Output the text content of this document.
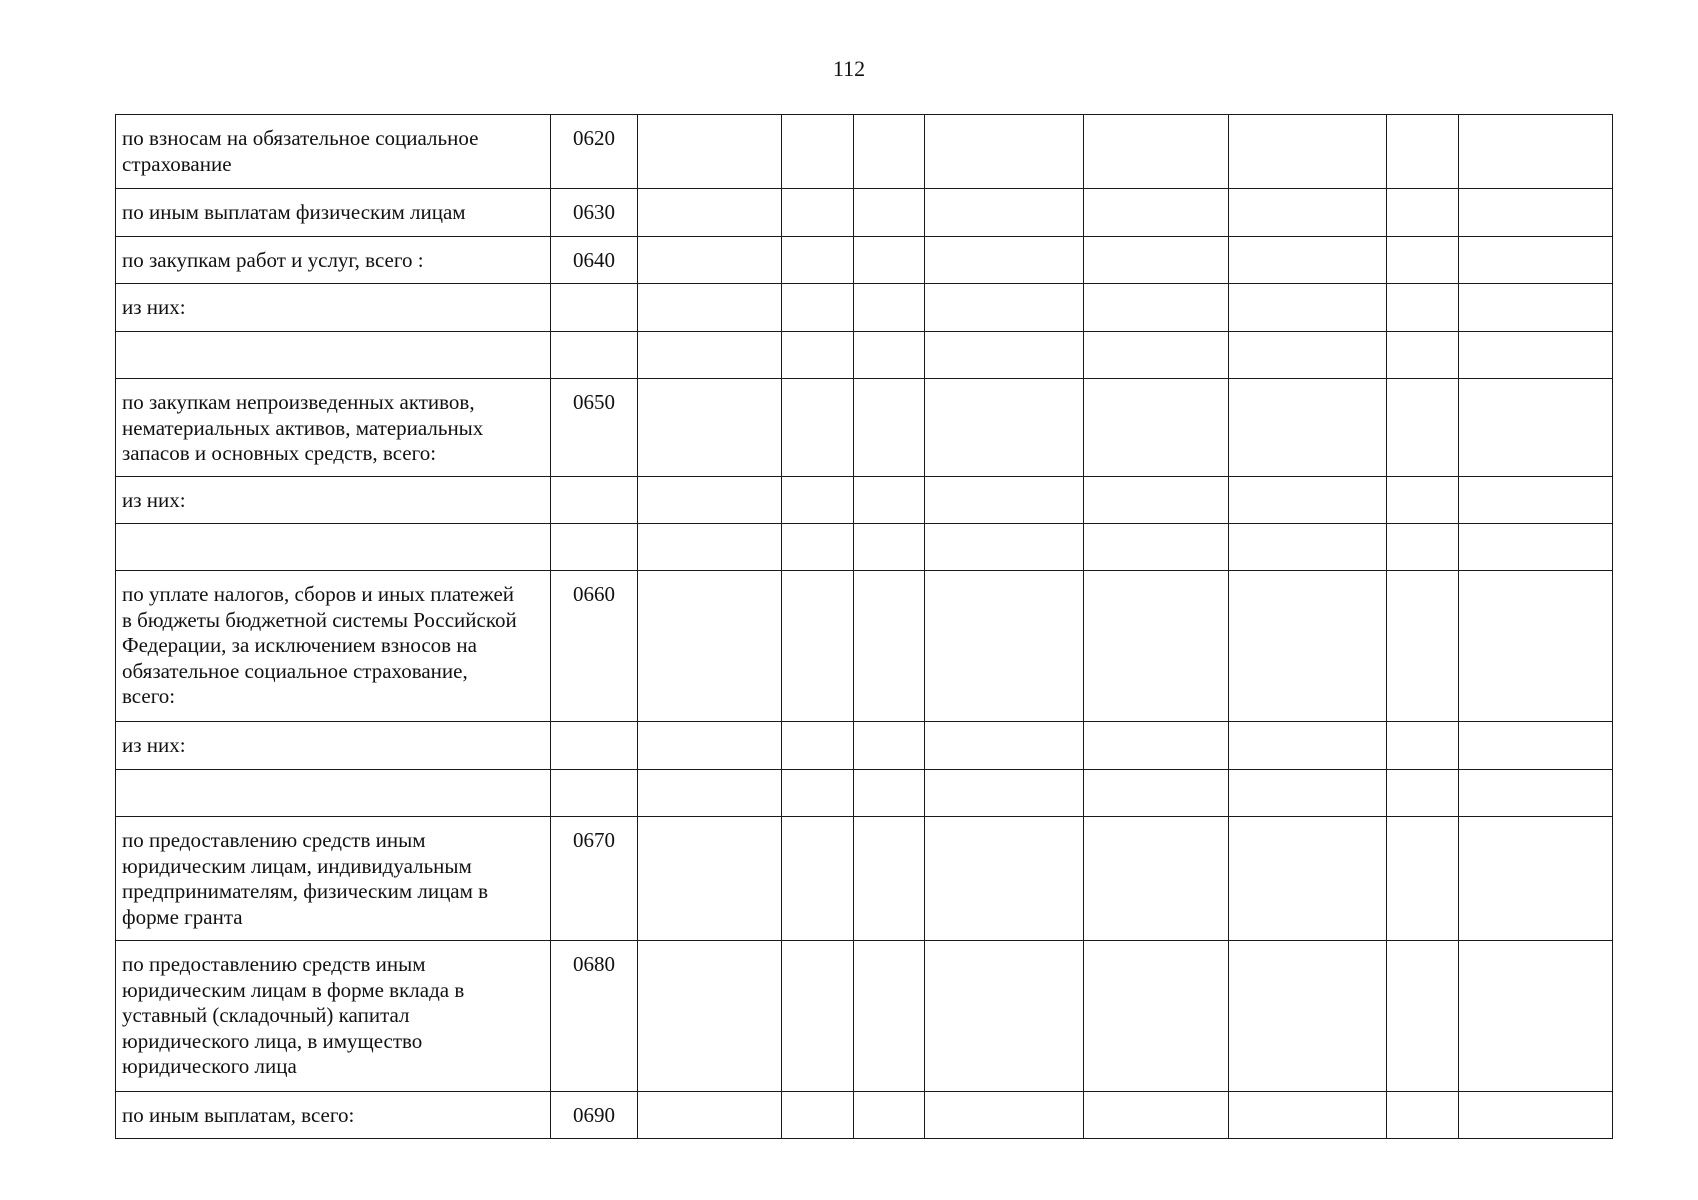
112
по взносам на обязательное социальное
страхование	0620								
по иным выплатам физическим лицам	0630								
по закупкам работ и услуг, всего :	0640								
из них:									

по закупкам непроизведенных активов,
нематериальных активов, материальных
запасов и основных средств, всего:	0650								
из них:									

по уплате налогов, сборов и иных платежей
в бюджеты бюджетной системы Российской
Федерации, за исключением взносов на
обязательное социальное страхование,
всего:	0660								
из них:									

по предоставлению средств иным
юридическим лицам, индивидуальным
предпринимателям, физическим лицам в
форме гранта	0670								
по предоставлению средств иным
юридическим лицам в форме вклада в
уставный (складочный) капитал
юридического лица, в имущество
юридического лица	0680								
по иным выплатам, всего:	0690								
